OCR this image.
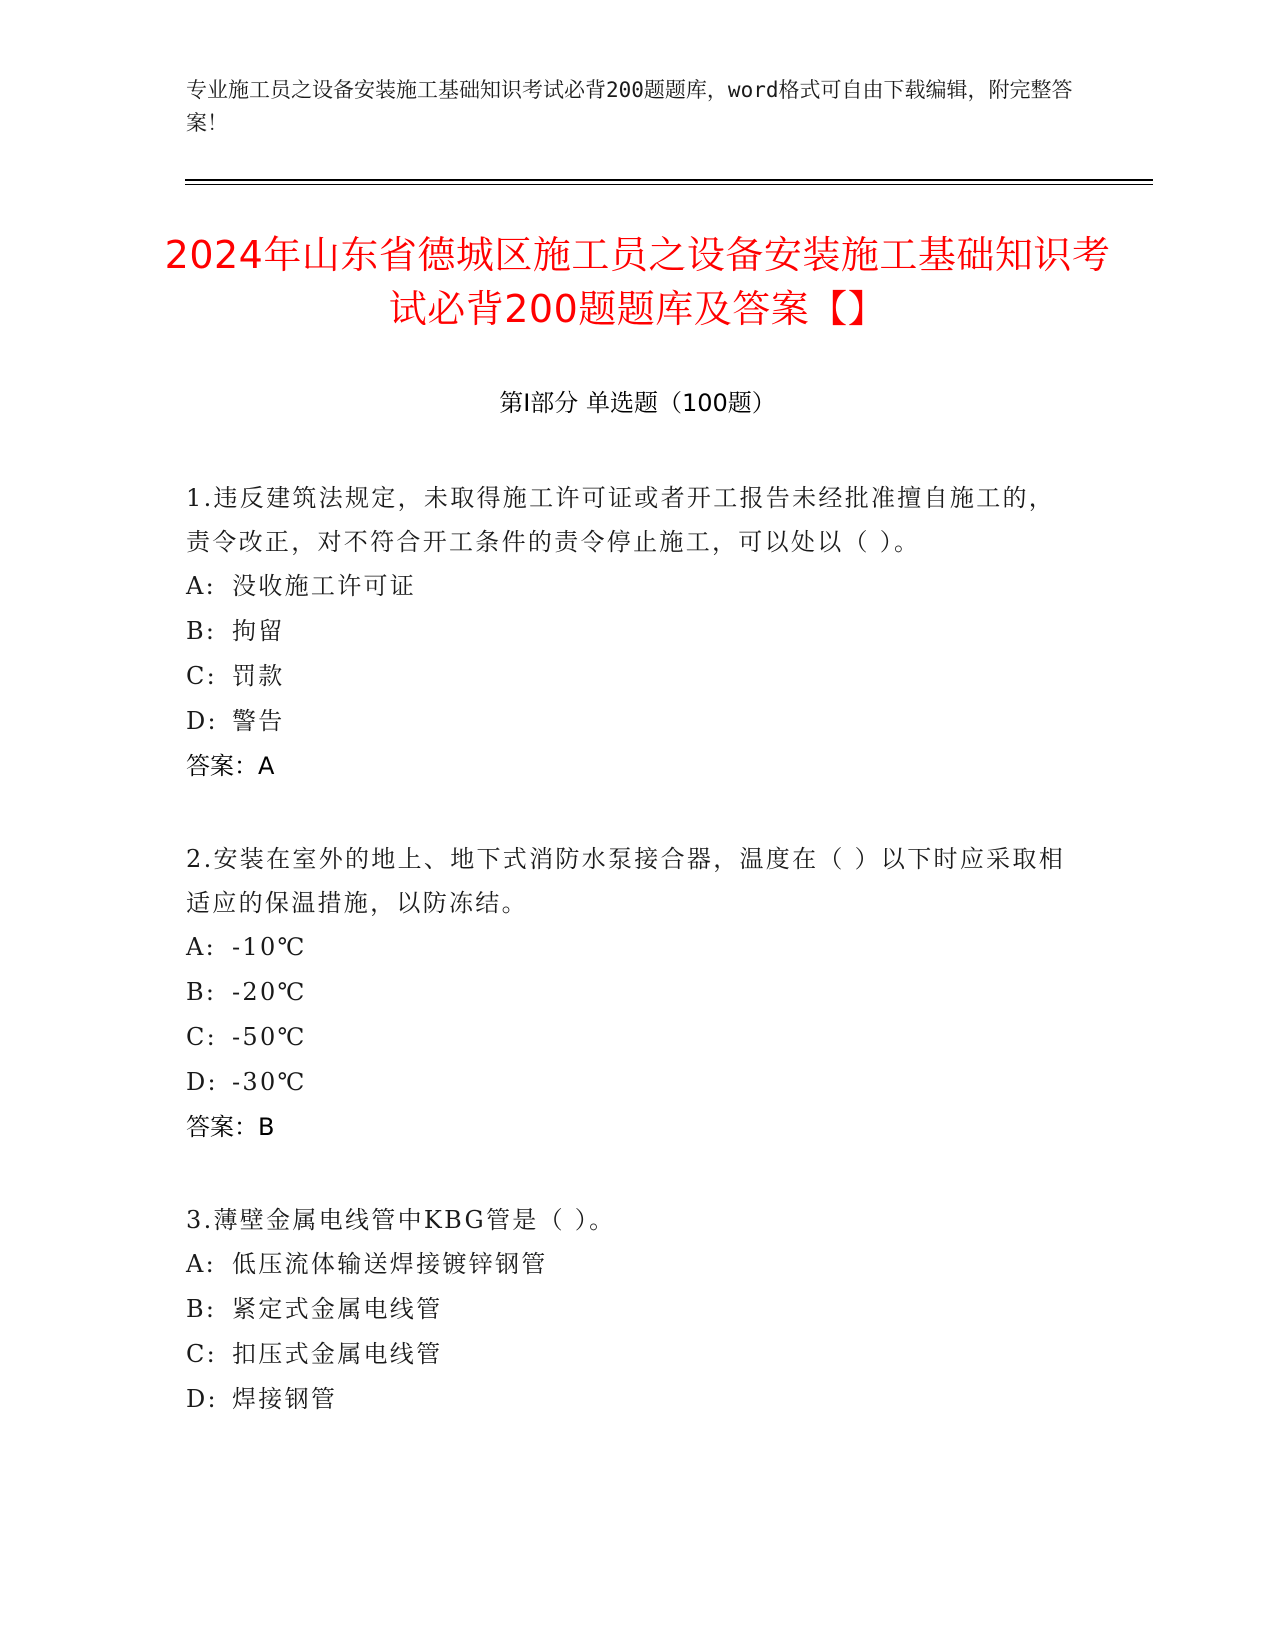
专业施工员之设备安装施工基础知识考试必背200题题库，word格式可自由下载编辑，附完整答案！
2024年山东省德城区施工员之设备安装施工基础知识考试必背200题题库及答案【】
第I部分 单选题（100题）
1.违反建筑法规定，未取得施工许可证或者开工报告未经批准擅自施工的，责令改正，对不符合开工条件的责令停止施工，可以处以（ ）。
A: 没收施工许可证
B: 拘留
C: 罚款
D: 警告
答案：A
2.安装在室外的地上、地下式消防水泵接合器，温度在（ ）以下时应采取相适应的保温措施，以防冻结。
A: -10℃
B: -20℃
C: -50℃
D: -30℃
答案：B
3.薄壁金属电线管中KBG管是（ ）。
A: 低压流体输送焊接镀锌钢管
B: 紧定式金属电线管
C: 扣压式金属电线管
D: 焊接钢管
